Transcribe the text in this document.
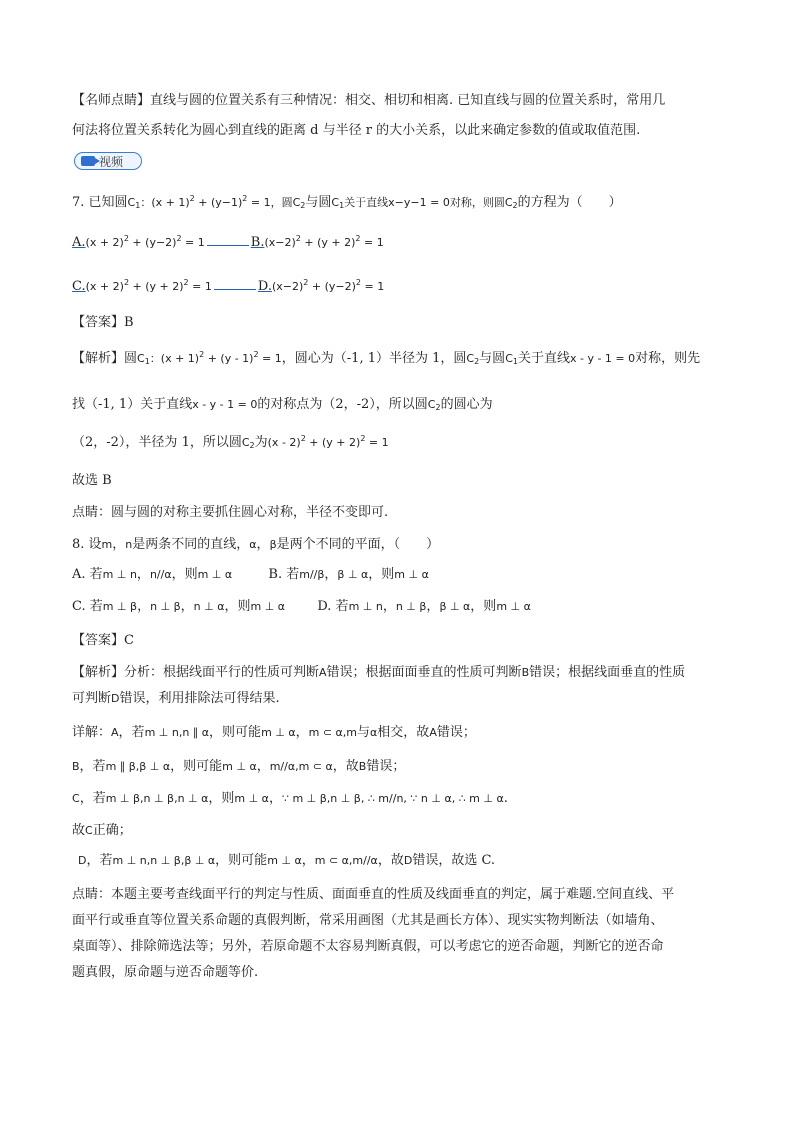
【名师点睛】直线与圆的位置关系有三种情况：相交、相切和相离. 已知直线与圆的位置关系时，常用几
何法将位置关系转化为圆心到直线的距离 d 与半径 r 的大小关系，以此来确定参数的值或取值范围.
视频
7. 已知圆$C_1$：$(x + 1)^2 + (y-1)^2 = 1$，圆$C_2$与圆$C_1$关于直线x−y−1 = 0对称，则圆$C_2$的方程为（　　）
$A.(x + 2)^2 + (y-2)^2 = 1$	$B.(x-2)^2 + (y + 2)^2 = 1$
$C.(x + 2)^2 + (y + 2)^2 = 1$	$D.(x-2)^2 + (y-2)^2 = 1$
【答案】B
【解析】圆$C_1$：$(x + 1)^2 + (y - 1)^2 = 1$，圆心为（-1, 1）半径为 1，圆$C_2$与圆$C_1$关于直线x - y - 1 = 0对称，则先
找（-1, 1）关于直线x - y - 1 = 0的对称点为（2，-2），所以圆$C_2$的圆心为
（2，-2），半径为 1，所以圆$C_2$为$(x - 2)^2 + (y + 2)^2 = 1$
故选 B
点睛：圆与圆的对称主要抓住圆心对称，半径不变即可.
8. 设m，n是两条不同的直线，α，β是两个不同的平面，（　　）
A. 若m ⊥ n，n//α，则m ⊥ α	B. 若m//β，β ⊥ α，则m ⊥ α
C. 若m ⊥ β，n ⊥ β，n ⊥ α，则m ⊥ α D. 若m ⊥ n，n ⊥ β，β ⊥ α，则m ⊥ α
【答案】C
【解析】分析：根据线面平行的性质可判断A错误；根据面面垂直的性质可判断B错误；根据线面垂直的性质
可判断D错误，利用排除法可得结果.
详解：A，若m ⊥ n,n ∥ α，则可能m ⊥ α，m ⊂ α,m与α相交，故A错误；
B，若m ∥ β,β ⊥ α，则可能m ⊥ α，m//α,m ⊂ α，故B错误；
C，若m ⊥ β,n ⊥ β,n ⊥ α，则m ⊥ α，∵ m ⊥ β,n ⊥ β, ∴ m//n, ∵ n ⊥ α, ∴ m ⊥ α.
故C正确；
D，若m ⊥ n,n ⊥ β,β ⊥ α，则可能m ⊥ α，m ⊂ α,m//α，故D错误，故选 C.
点睛：本题主要考查线面平行的判定与性质、面面垂直的性质及线面垂直的判定，属于难题.空间直线、平
面平行或垂直等位置关系命题的真假判断，常采用画图（尤其是画长方体）、现实实物判断法（如墙角、
桌面等）、排除筛选法等；另外，若原命题不太容易判断真假，可以考虑它的逆否命题，判断它的逆否命
题真假，原命题与逆否命题等价.
